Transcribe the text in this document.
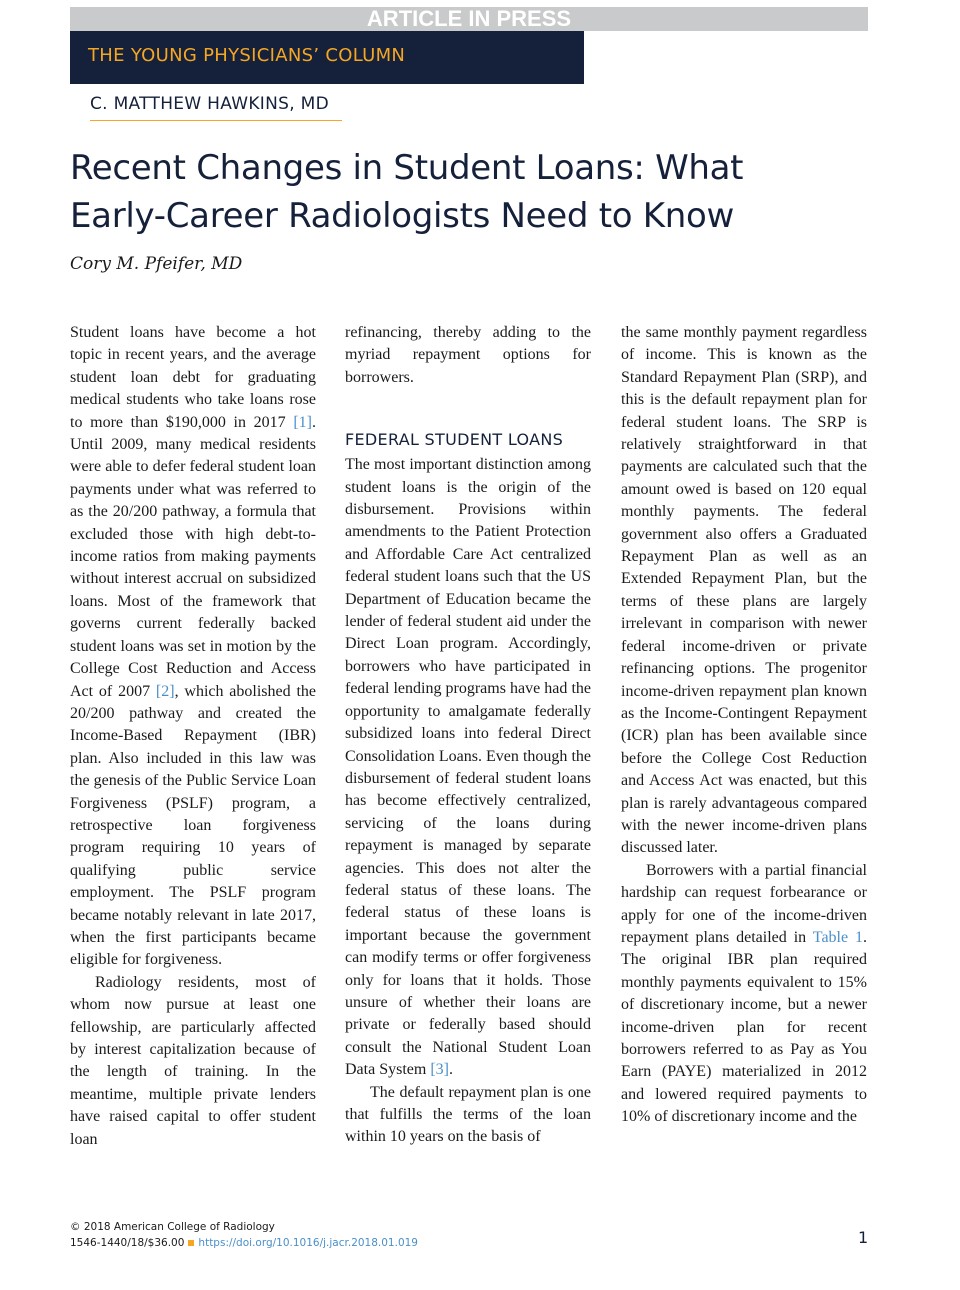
ARTICLE IN PRESS
THE YOUNG PHYSICIANS’ COLUMN
C. MATTHEW HAWKINS, MD
Recent Changes in Student Loans: What
Early-Career Radiologists Need to Know
Cory M. Pfeifer, MD

Student loans have become a hot topic in recent years, and the average student loan debt for graduating medical students who take loans rose to more than $190,000 in 2017 [1]. Until 2009, many medical residents were able to defer federal student loan payments under what was referred to as the 20/200 pathway, a formula that excluded those with high debt-to-income ratios from making payments without interest accrual on subsidized loans. Most of the framework that governs current federally backed student loans was set in motion by the College Cost Reduction and Access Act of 2007 [2], which abolished the 20/200 pathway and created the Income-Based Repayment (IBR) plan. Also included in this law was the genesis of the Public Service Loan Forgiveness (PSLF) program, a retrospective loan forgiveness program requiring 10 years of qualifying public service employment. The PSLF program became notably relevant in late 2017, when the first participants became eligible for forgiveness.

Radiology residents, most of whom now pursue at least one fellowship, are particularly affected by interest capitalization because of the length of training. In the meantime, multiple private lenders have raised capital to offer student loan

refinancing, thereby adding to the myriad repayment options for borrowers.

FEDERAL STUDENT LOANS

The most important distinction among student loans is the origin of the disbursement. Provisions within amendments to the Patient Protection and Affordable Care Act centralized federal student loans such that the US Department of Education became the lender of federal student aid under the Direct Loan program. Accordingly, borrowers who have participated in federal lending programs have had the opportunity to amalgamate federally subsidized loans into federal Direct Consolidation Loans. Even though the disbursement of federal student loans has become effectively centralized, servicing of the loans during repayment is managed by separate agencies. This does not alter the federal status of these loans. The federal status of these loans is important because the government can modify terms or offer forgiveness only for loans that it holds. Those unsure of whether their loans are private or federally based should consult the National Student Loan Data System [3].

The default repayment plan is one that fulfills the terms of the loan within 10 years on the basis of

the same monthly payment regardless of income. This is known as the Standard Repayment Plan (SRP), and this is the default repayment plan for federal student loans. The SRP is relatively straightforward in that payments are calculated such that the amount owed is based on 120 equal monthly payments. The federal government also offers a Graduated Repayment Plan as well as an Extended Repayment Plan, but the terms of these plans are largely irrelevant in comparison with newer federal income-driven or private refinancing options. The progenitor income-driven repayment plan known as the Income-Contingent Repayment (ICR) plan has been available since before the College Cost Reduction and Access Act was enacted, but this plan is rarely advantageous compared with the newer income-driven plans discussed later.

Borrowers with a partial financial hardship can request forbearance or apply for one of the income-driven repayment plans detailed in Table 1. The original IBR plan required monthly payments equivalent to 15% of discretionary income, but a newer income-driven plan for recent borrowers referred to as Pay as You Earn (PAYE) materialized in 2012 and lowered required payments to 10% of discretionary income and the

© 2018 American College of Radiology
1546-1440/18/$36.00 https://doi.org/10.1016/j.jacr.2018.01.019	1
